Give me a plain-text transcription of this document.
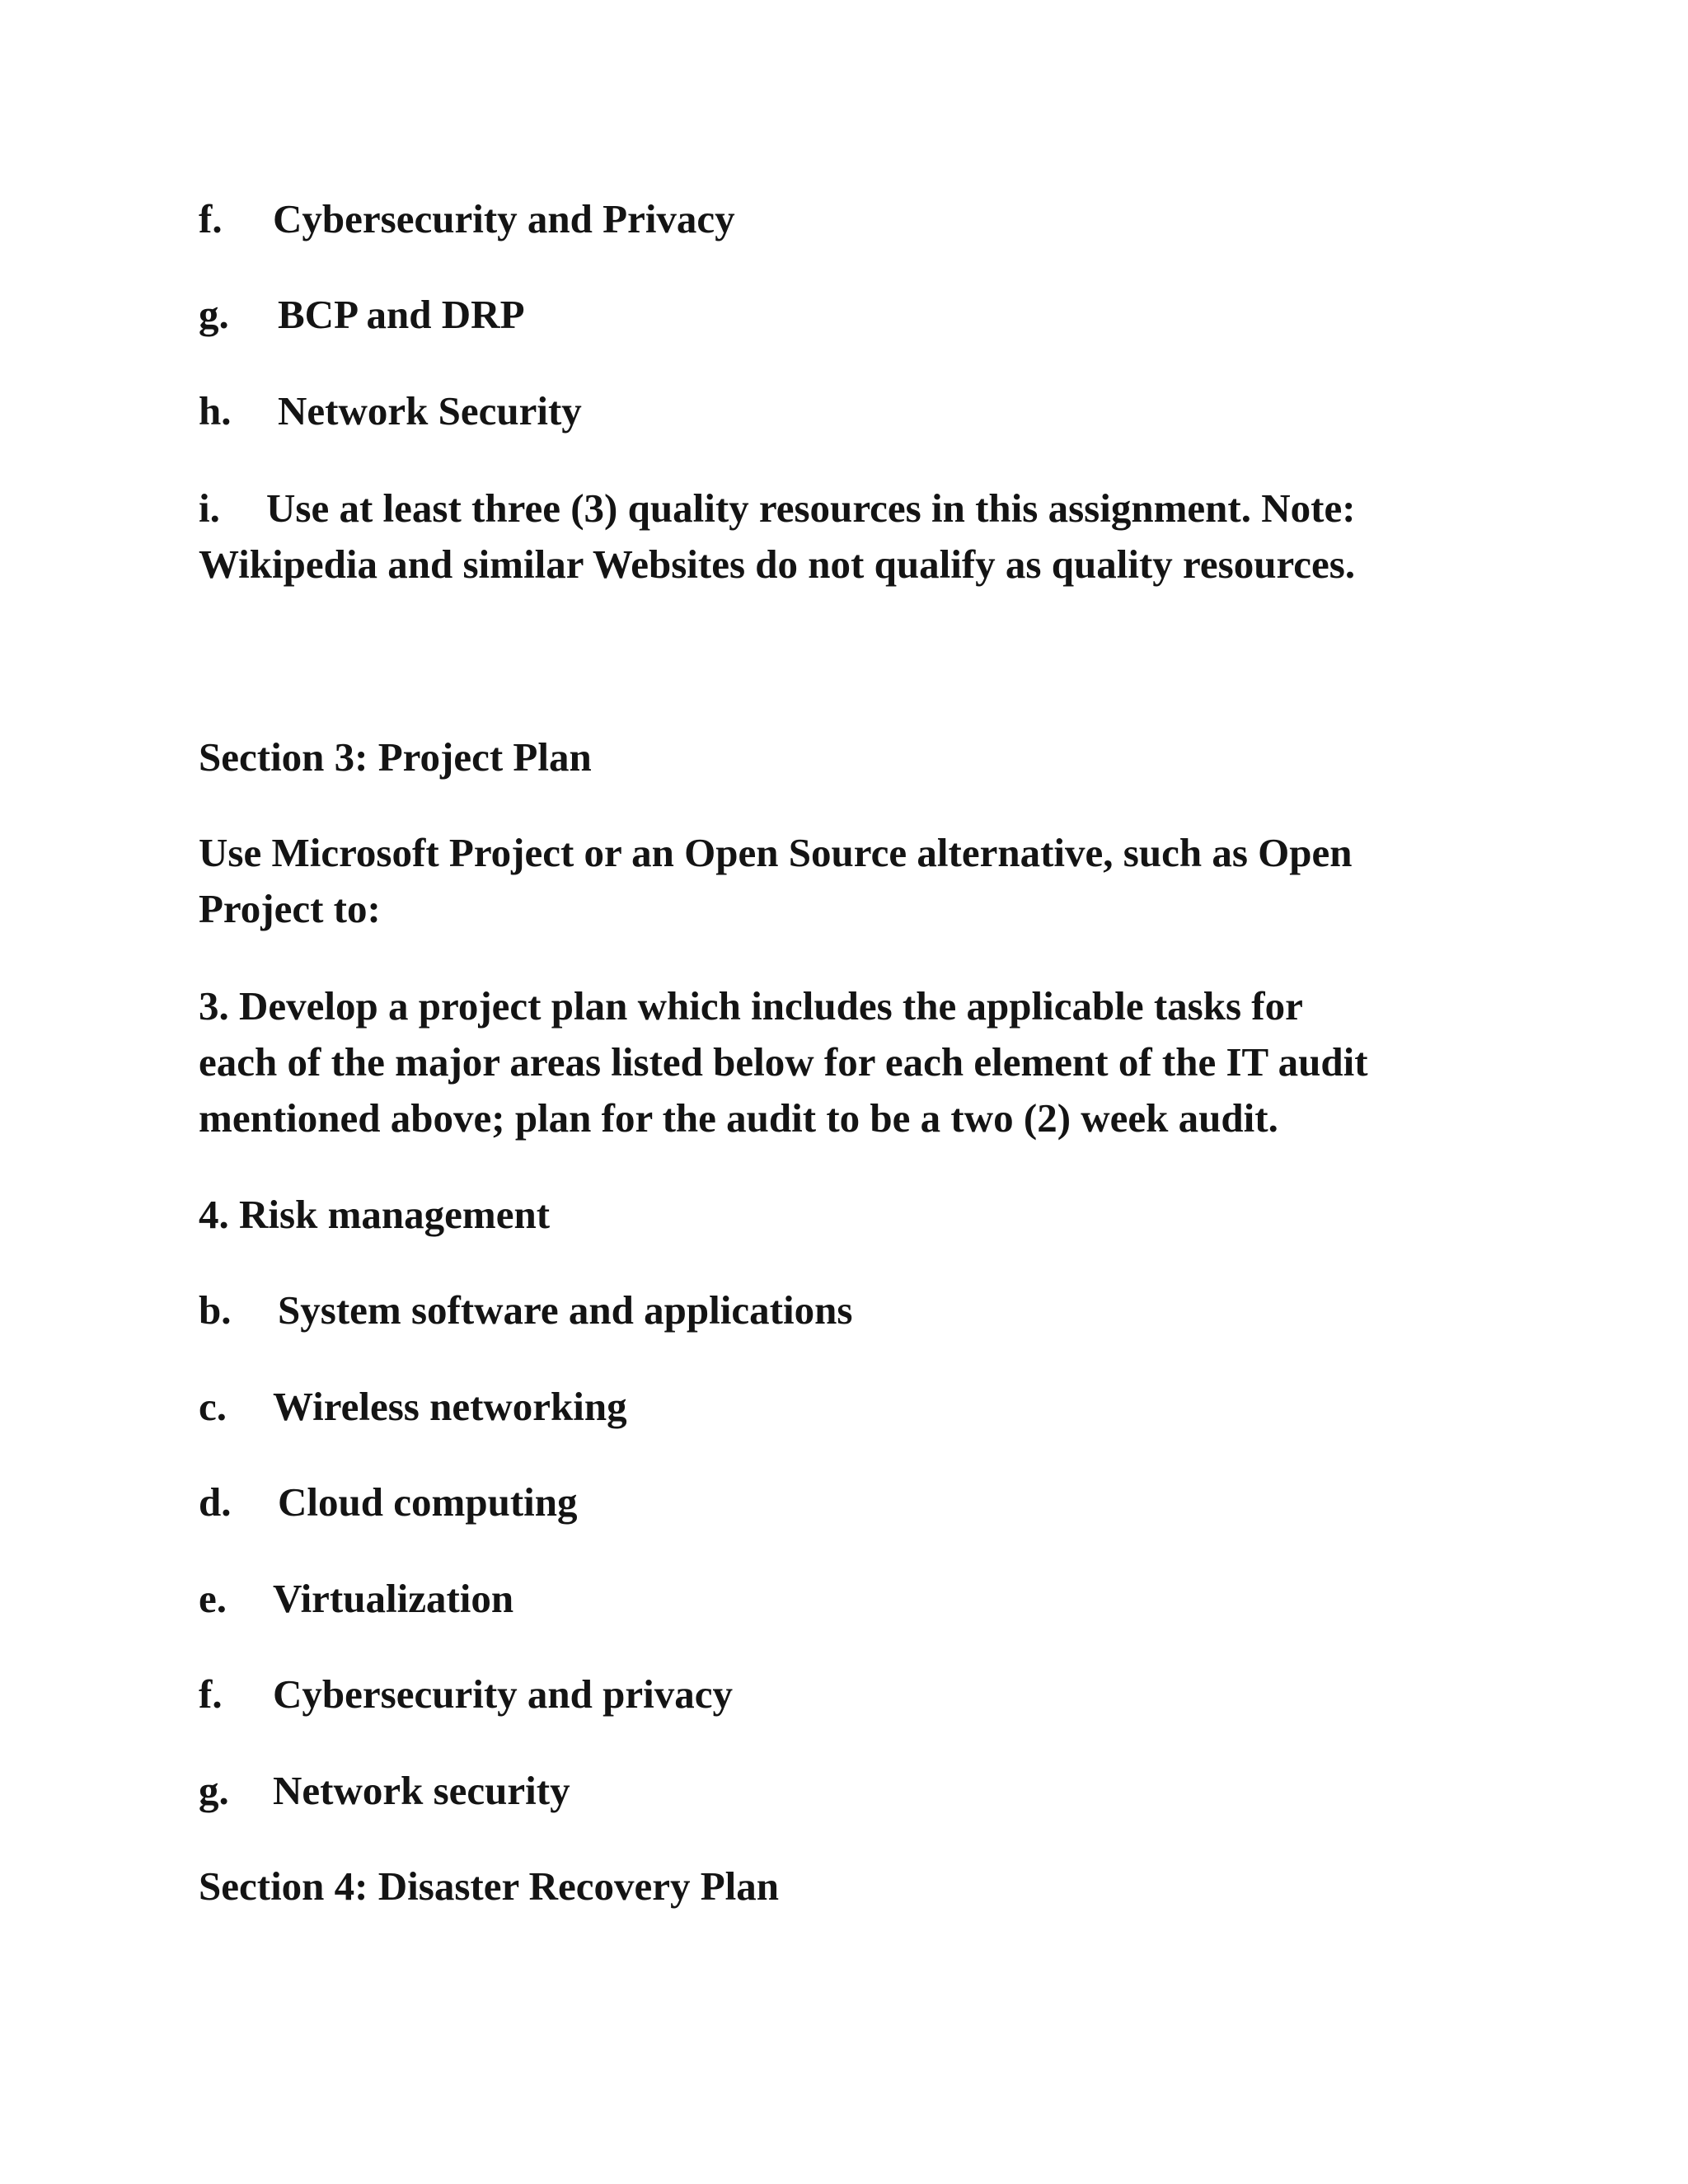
f. Cybersecurity and Privacy
g. BCP and DRP
h. Network Security
i. Use at least three (3) quality resources in this assignment. Note:
Wikipedia and similar Websites do not qualify as quality resources.
Section 3: Project Plan
Use Microsoft Project or an Open Source alternative, such as Open
Project to:
3. Develop a project plan which includes the applicable tasks for
each of the major areas listed below for each element of the IT audit
mentioned above; plan for the audit to be a two (2) week audit.
4. Risk management
b. System software and applications
c. Wireless networking
d. Cloud computing
e. Virtualization
f. Cybersecurity and privacy
g. Network security
Section 4: Disaster Recovery Plan
